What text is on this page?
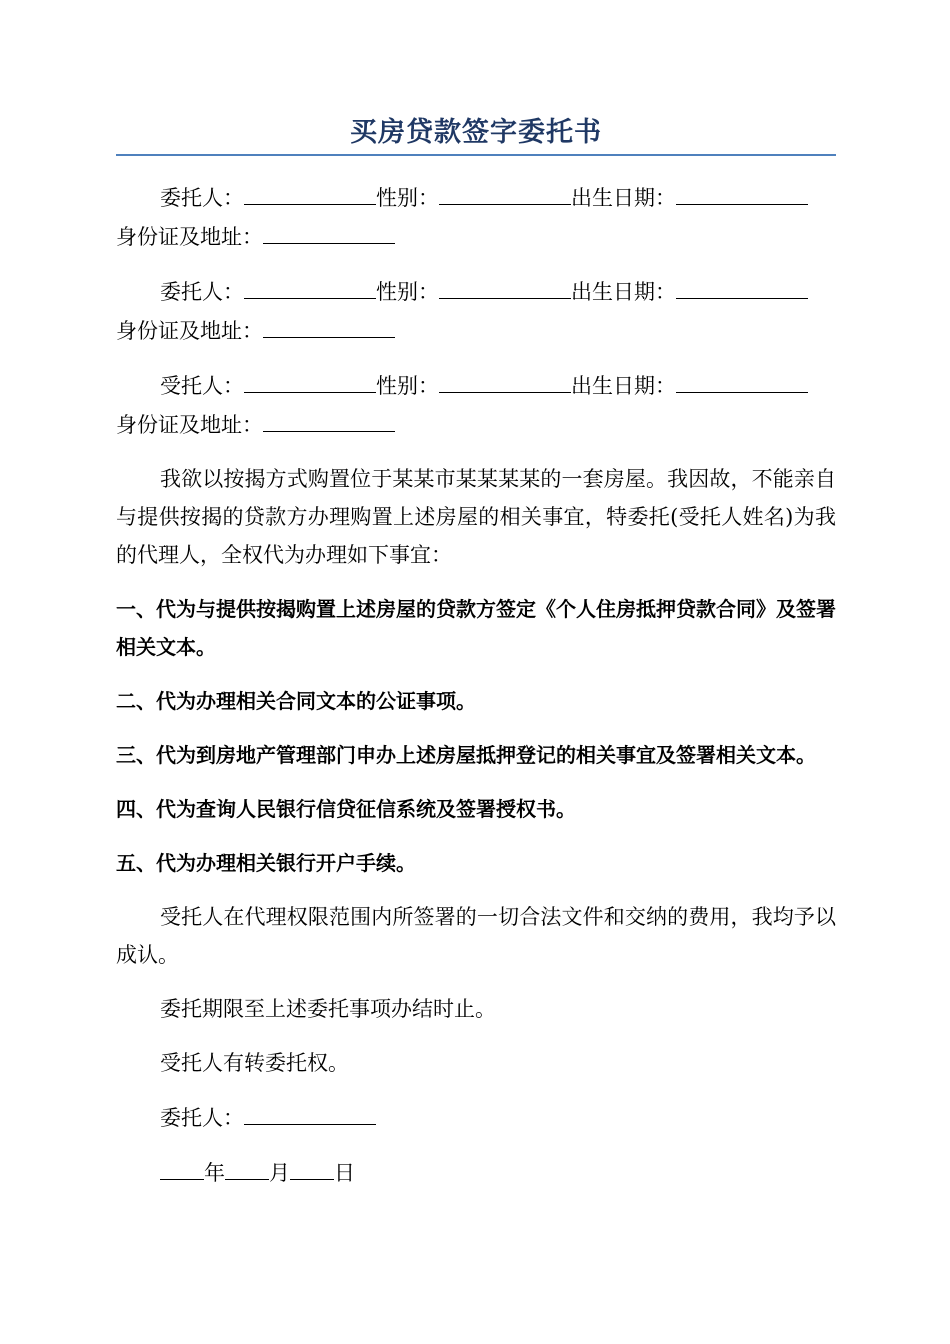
买房贷款签字委托书

委托人：	性别：	出生日期：

身份证及地址：

委托人：	性别：	出生日期：

身份证及地址：

受托人：	性别：	出生日期：

身份证及地址：

我欲以按揭方式购置位于某某市某某某某的一套房屋。我因故，不能亲自与提供按揭的贷款方办理购置上述房屋的相关事宜，特委托(受托人姓名)为我的代理人，全权代为办理如下事宜：

一、代为与提供按揭购置上述房屋的贷款方签定《个人住房抵押贷款合同》及签署相关文本。

二、代为办理相关合同文本的公证事项。

三、代为到房地产管理部门申办上述房屋抵押登记的相关事宜及签署相关文本。

四、代为查询人民银行信贷征信系统及签署授权书。

五、代为办理相关银行开户手续。

受托人在代理权限范围内所签署的一切合法文件和交纳的费用，我均予以成认。

委托期限至上述委托事项办结时止。

受托人有转委托权。

委托人：

年 月 日
